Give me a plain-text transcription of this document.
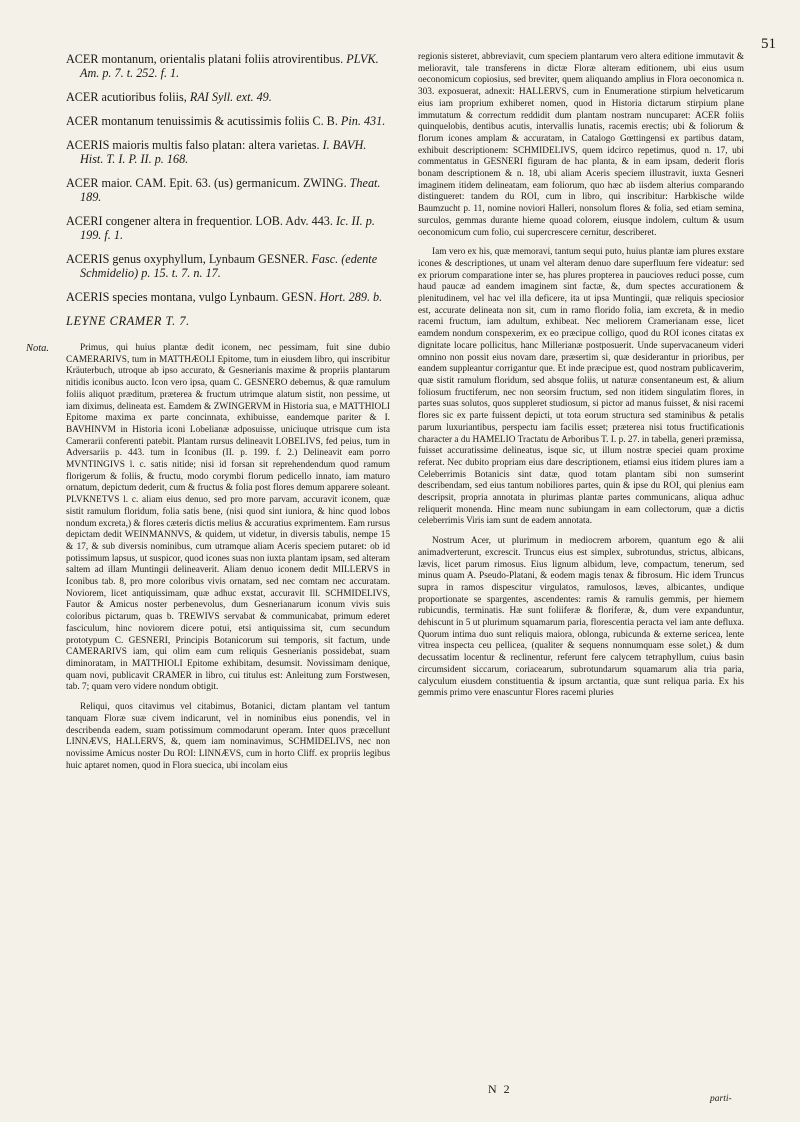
51
ACER montanum, orientalis platani foliis atrovirentibus. PLVK. Am. p. 7. t. 252. f. 1.
ACER acutioribus foliis, RAI Syll. ext. 49.
ACER montanum tenuissimis & acutissimis foliis C. B. Pin. 431.
ACERIS maioris multis falso platan: altera varietas. I. BAVH. Hist. T. I. P. II. p. 168.
ACER maior. CAM. Epit. 63. (us) germanicum. ZWING. Theat. 189.
ACERI congener altera in frequentior. LOB. Adv. 443. Ic. II. p. 199. f. 1.
ACERIS genus oxyphyllum, Lynbaum GESNER. Fasc. (edente Schmidelio) p. 15. t. 7. n. 17.
ACERIS species montana, vulgo Lynbaum. GESN. Hort. 289. b.
LEYNE CRAMER T. 7.
Nota.	Primus, qui huius plantæ dedit iconem, nec pessimam, fuit sine dubio CAMERARIVS, tum in MATTHÆOLI Epitome, tum in eiusdem libro, qui inscribitur Kräuterbuch, utroque ab ipso accurato, & Gesnerianis maxime & propriis plantarum nitidis iconibus aucto. Icon vero ipsa, quam C. GESNERO debemus, & quæ ramulum foliis aliquot præditum, præterea & fructum utrimque alatum sistit, non pessime, ut iam diximus, delineata est. Eamdem & ZWINGERVM in Historia sua, e MATTHIOLI Epitome maxima ex parte concinnata, exhibuisse, eandemque pariter & I. BAVHINVM in Historia iconi Lobelianæ adposuisse, uniciuque utrisque cum ista Camerarii conferenti patebit. Plantam rursus delineavit LOBELIVS, fed peius, tum in Adversariis p. 443. tum in Iconibus (II. p. 199. f. 2.) Delineavit eam porro MVNTINGIVS l. c. satis nitide; nisi id forsan sit reprehendendum quod ramum florigerum & foliis, & fructu, modo corymbi florum pedicello innato, iam maturo ornatum, depictum dederit, cum & fructus & folia post flores demum apparere soleant. PLVKNETVS l. c. aliam eius denuo, sed pro more parvam, accuravit iconem, quæ sistit ramulum floridum, folia satis bene, (nisi quod sint iuniora, & hinc quod lobos nondum excreta,) & flores cæteris dictis melius & accuratius exprimentem. Eam rursus depictam dedit WEINMANNVS, & quidem, ut videtur, in diversis tabulis, nempe 15 & 17, & sub diversis nominibus, cum utramque aliam Aceris speciem putaret: ob id potissimum lapsus, ut suspicor, quod icones suas non iuxta plantam ipsam, sed alteram saltem ad illam Muntingii delineaverit. Aliam denuo iconem dedit MILLERVS in Iconibus tab. 8, pro more coloribus vivis ornatam, sed nec comtam nec accuratam. Noviorem, licet antiquissimam, quæ adhuc exstat, accuravit Ill. SCHMIDELIVS, Fautor & Amicus noster perbenevolus, dum Gesnerianarum iconum vivis suis coloribus pictarum, quas b. TREWIVS servabat & communicabat, primum ederet fasciculum, hinc noviorem dicere potui, etsi antiquissima sit, cum secundum prototypum C. GESNERI, Principis Botanicorum sui temporis, sit factum, unde CAMERARIVS iam, qui olim eam cum reliquis Gesnerianis possidebat, suam diminoratam, in MATTHIOLI Epitome exhibitam, desumsit. Novissimam denique, quam novi, publicavit CRAMER in libro, cui titulus est: Anleitung zum Forstwesen, tab. 7; quam vero videre nondum obtigit.

Reliqui, quos citavimus vel citabimus, Botanici, dictam plantam vel tantum tanquam Floræ suæ civem indicarunt, vel in nominibus eius ponendis, vel in describenda eadem, suam potissimum commodarunt operam. Inter quos præcellunt LINNÆVS, HALLERVS, &, quem iam nominavimus, SCHMIDELIVS, nec non novissime Amicus noster Du ROI: LINNÆVS, cum in horto Cliff. ex propriis legibus huic aptaret nomen, quod in Flora suecica, ubi incolam eius

regionis sisteret, abbreviavit, cum speciem plantarum vero altera editione immutavit & melioravit, tale transferens in dictæ Floræ alteram editionem, ubi eius usum oeconomicum copiosius, sed breviter, quem aliquando amplius in Flora oeconomica n. 303. exposuerat, adnexit: HALLERVS, cum in Enumeratione stirpium helveticarum eius iam proprium exhiberet nomen, quod in Historia dictarum stirpium plane immutatum & correctum reddidit dum plantam nostram nuncuparet: ACER foliis quinquelobis, dentibus acutis, intervallis lunatis, racemis erectis; ubi & foliorum & florum icones amplam & accuratam, in Catalogo Gœttingensi ex partibus datam, exhibuit descriptionem: SCHMIDELIVS, quem idcirco repetimus, quod n. 17, ubi commentatus in GESNERI figuram de hac planta, & in eam ipsam, dederit floris bonam descriptionem & n. 18, ubi aliam Aceris speciem illustravit, iuxta Gesneri imaginem itidem delineatam, eam foliorum, quo hæc ab iisdem alterius comparando distingueret: tandem du ROI, cum in libro, qui inscribitur: Harbkische wilde Baumzucht p. 11, nomine noviori Halleri, nonsolum flores & folia, sed etiam semina, surculos, gemmas durante hieme quoad colorem, eiusque indolem, cultum & usum oeconomicum cum folio, cui supercrescere cernitur, describeret.

Iam vero ex his, quæ memoravi, tantum sequi puto, huius plantæ iam plures exstare icones & descriptiones, ut unam vel alteram denuo dare superfluum fere videatur: sed ex priorum comparatione inter se, has plures propterea in paucioves reduci posse, cum haud paucæ ad eandem imaginem sint factæ, &, dum spectes accurationem & plenitudinem, vel hac vel illa deficere, ita ut ipsa Muntingii, quæ reliquis speciosior est, accurate delineata non sit, cum in ramo florido folia, iam excreta, & in medio racemi fructum, iam adultum, exhibeat. Nec meliorem Cramerianam esse, licet eamdem nondum conspexerim, ex eo præcipue colligo, quod du ROI icones citatas ex dignitate locare pollicitus, hanc Millerianæ postposuerit. Unde supervacaneum videri omnino non possit eius novam dare, præsertim si, quæ desiderantur in prioribus, per eandem suppleantur corrigantur que. Et inde præcipue est, quod nostram publicaverim, quæ sistit ramulum floridum, sed absque foliis, ut naturæ consentaneum est, & alium foliosum fructiferum, nec non seorsim fructum, sed non itidem singulatim flores, in partes suas solutos, quos suppleret studiosum, si pictor ad manus fuisset, & nisi racemi flores sic ex parte fuissent depicti, ut tota eorum structura sed staminibus & petalis parum luxuriantibus, perspectu iam facilis esset; præterea nisi totus fructificationis character a du HAMELIO Tractatu de Arboribus T. I. p. 27. in tabella, generi præmissa, fuisset accuratissime delineatus, isque sic, ut illum nostræ speciei quam proxime referat. Nec dubito propriam eius dare descriptionem, etiamsi eius itidem plures iam a Celeberrimis Botanicis sint datæ, quod totam plantam sibi non sumserint describendam, sed eius tantum nobiliores partes, quin & ipse du ROI, qui plenius eam descripsit, propria annotata in plurimas plantæ partes communicans, aliqua adhuc reliquerit monenda. Hinc meam nunc subiungam in eam collectorum, quæ a dictis celeberrimis Viris iam sunt de eadem annotata.

Nostrum Acer, ut plurimum in mediocrem arborem, quantum ego & alii animadverterunt, excrescit. Truncus eius est simplex, subrotundus, strictus, albicans, lævis, licet parum rimosus. Eius lignum albidum, leve, compactum, tenerum, sed minus quam A. Pseudo-Platani, & eodem magis tenax & fibrosum. Hic idem Truncus supra in ramos dispescitur virgulatos, ramulosos, læves, albicantes, undique proportionate se spargentes, ascendentes: ramis & ramulis gemmis, per hiemem rubicundis, terminatis. Hæ sunt foliiferæ & floriferæ, &, dum vere expanduntur, dehiscunt in 5 ut plurimum squamarum paria, florescentia peracta vel iam ante defluxa. Quorum intima duo sunt reliquis maiora, oblonga, rubicunda & externe sericea, lente vitrea inspecta ceu pellicea, (qualiter & sequens nonnumquam esse solet,) & dum decussatim locentur & reclinentur, referunt fere calycem tetraphyllum, cuius basin circumsident siccarum, coriacearum, subrotundarum squamarum alia tria paria, calyculum eiusdem constituentia & ipsum arctantia, quæ sunt reliqua paria. Ex his gemmis primo vere enascuntur Flores racemi pluries

N 2
parti-
